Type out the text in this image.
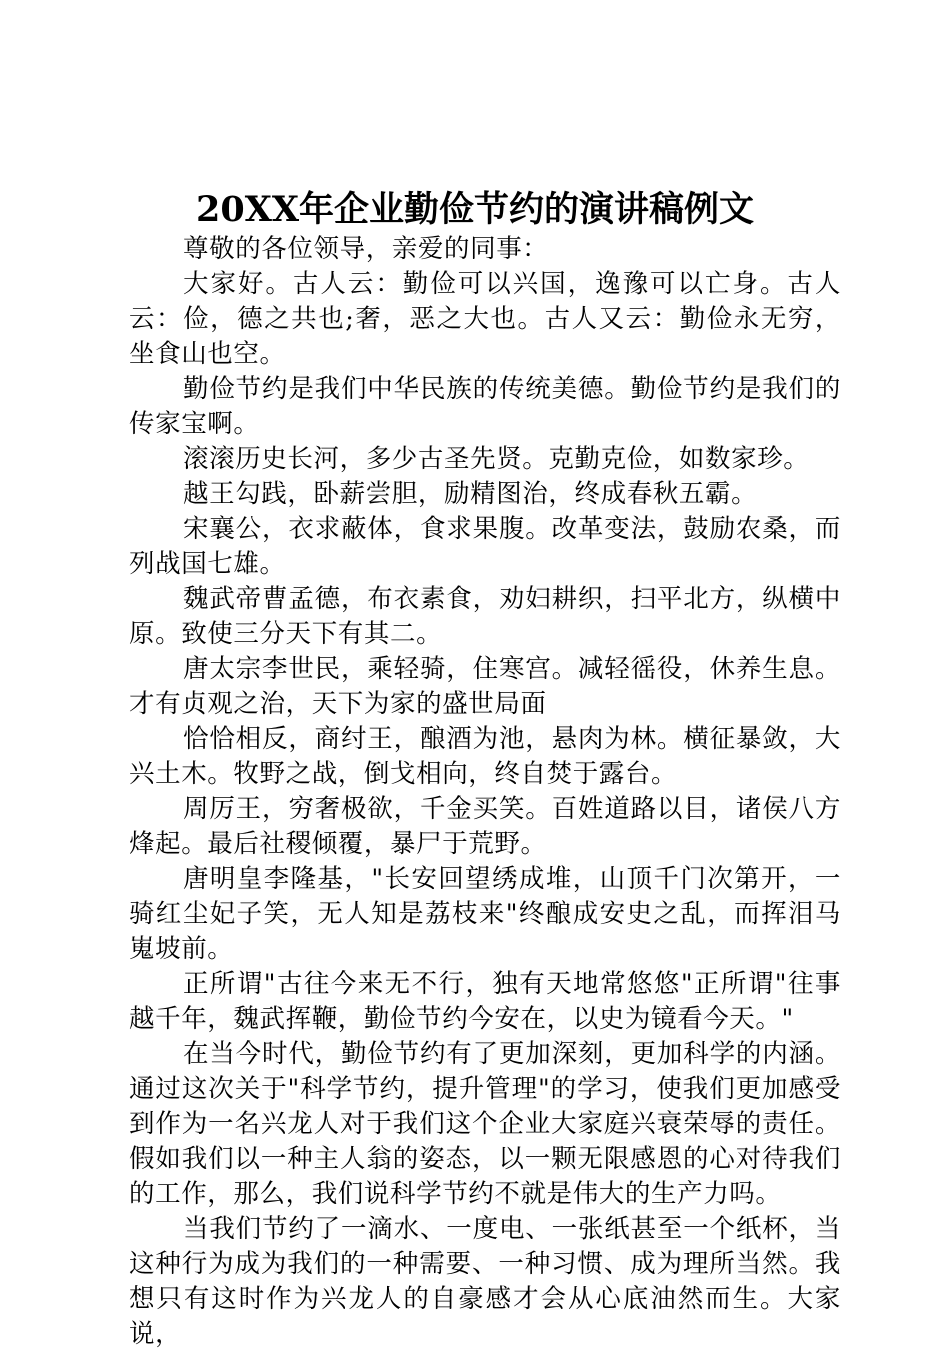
20XX年企业勤俭节约的演讲稿例文

尊敬的各位领导，亲爱的同事：

大家好。古人云：勤俭可以兴国，逸豫可以亡身。古人云：俭，德之共也;奢，恶之大也。古人又云：勤俭永无穷，坐食山也空。

勤俭节约是我们中华民族的传统美德。勤俭节约是我们的传家宝啊。

滚滚历史长河，多少古圣先贤。克勤克俭，如数家珍。

越王勾践，卧薪尝胆，励精图治，终成春秋五霸。

宋襄公，衣求蔽体，食求果腹。改革变法，鼓励农桑，而列战国七雄。

魏武帝曹孟德，布衣素食，劝妇耕织，扫平北方，纵横中原。致使三分天下有其二。

唐太宗李世民，乘轻骑，住寒宫。减轻徭役，休养生息。才有贞观之治，天下为家的盛世局面

恰恰相反，商纣王，酿酒为池，悬肉为林。横征暴敛，大兴土木。牧野之战，倒戈相向，终自焚于露台。

周厉王，穷奢极欲，千金买笑。百姓道路以目，诸侯八方烽起。最后社稷倾覆，暴尸于荒野。

唐明皇李隆基，"长安回望绣成堆，山顶千门次第开，一骑红尘妃子笑，无人知是荔枝来"终酿成安史之乱，而挥泪马嵬坡前。

正所谓"古往今来无不行，独有天地常悠悠"正所谓"往事越千年，魏武挥鞭，勤俭节约今安在，以史为镜看今天。"

在当今时代，勤俭节约有了更加深刻，更加科学的内涵。通过这次关于"科学节约，提升管理"的学习，使我们更加感受到作为一名兴龙人对于我们这个企业大家庭兴衰荣辱的责任。假如我们以一种主人翁的姿态，以一颗无限感恩的心对待我们的工作，那么，我们说科学节约不就是伟大的生产力吗。

当我们节约了一滴水、一度电、一张纸甚至一个纸杯，当这种行为成为我们的一种需要、一种习惯、成为理所当然。我想只有这时作为兴龙人的自豪感才会从心底油然而生。大家说，
